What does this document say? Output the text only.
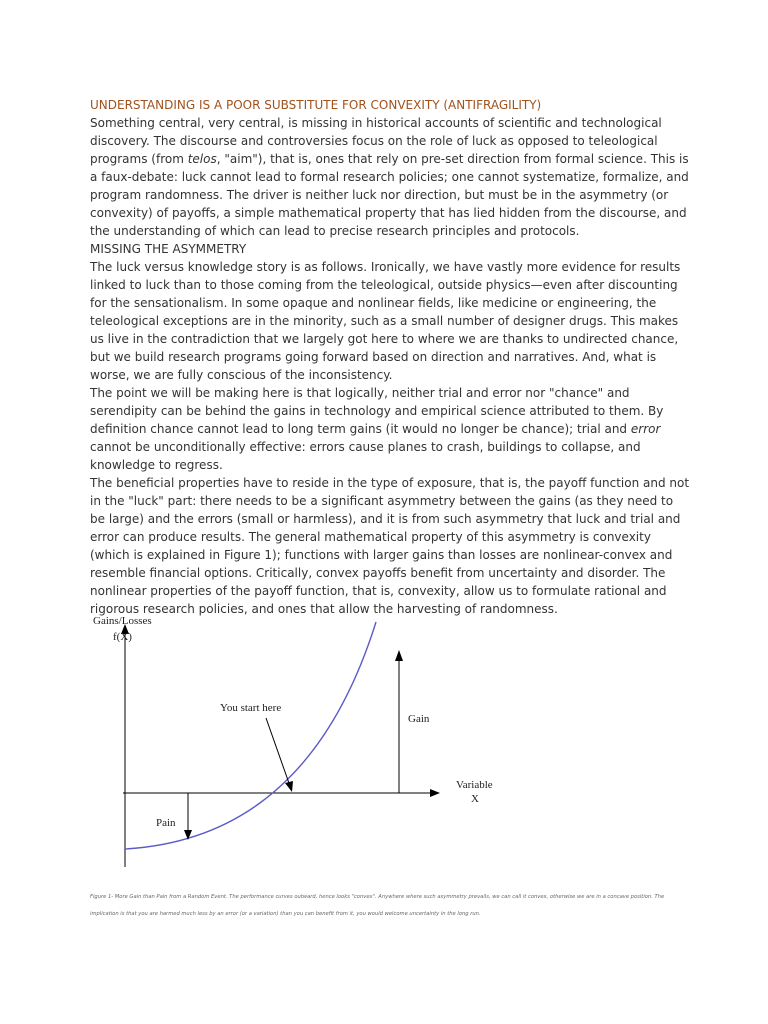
UNDERSTANDING IS A POOR SUBSTITUTE FOR CONVEXITY (ANTIFRAGILITY)

Something central, very central, is missing in historical accounts of scientific and technological discovery. The discourse and controversies focus on the role of luck as opposed to teleological programs (from telos, "aim"), that is, ones that rely on pre-set direction from formal science. This is a faux-debate: luck cannot lead to formal research policies; one cannot systematize, formalize, and program randomness. The driver is neither luck nor direction, but must be in the asymmetry (or convexity) of payoffs, a simple mathematical property that has lied hidden from the discourse, and the understanding of which can lead to precise research principles and protocols.

MISSING THE ASYMMETRY

The luck versus knowledge story is as follows. Ironically, we have vastly more evidence for results linked to luck than to those coming from the teleological, outside physics—even after discounting for the sensationalism. In some opaque and nonlinear fields, like medicine or engineering, the teleological exceptions are in the minority, such as a small number of designer drugs. This makes us live in the contradiction that we largely got here to where we are thanks to undirected chance, but we build research programs going forward based on direction and narratives. And, what is worse, we are fully conscious of the inconsistency.

The point we will be making here is that logically, neither trial and error nor "chance" and serendipity can be behind the gains in technology and empirical science attributed to them. By definition chance cannot lead to long term gains (it would no longer be chance); trial and error cannot be unconditionally effective: errors cause planes to crash, buildings to collapse, and knowledge to regress.

The beneficial properties have to reside in the type of exposure, that is, the payoff function and not in the "luck" part: there needs to be a significant asymmetry between the gains (as they need to be large) and the errors (small or harmless), and it is from such asymmetry that luck and trial and error can produce results. The general mathematical property of this asymmetry is convexity (which is explained in Figure 1); functions with larger gains than losses are nonlinear-convex and resemble financial options. Critically, convex payoffs benefit from uncertainty and disorder. The nonlinear properties of the payoff function, that is, convexity, allow us to formulate rational and rigorous research policies, and ones that allow the harvesting of randomness.

Gains/Losses
f(X)
You start here
Gain
Pain
Variable
X
Figure 1- More Gain than Pain from a Random Event. The performance curves outward, hence looks "convex". Anywhere where such asymmetry prevails, we can call it convex, otherwise we are in a concave position. The
implication is that you are harmed much less by an error (or a variation) than you can benefit from it, you would welcome uncertainty in the long run.
